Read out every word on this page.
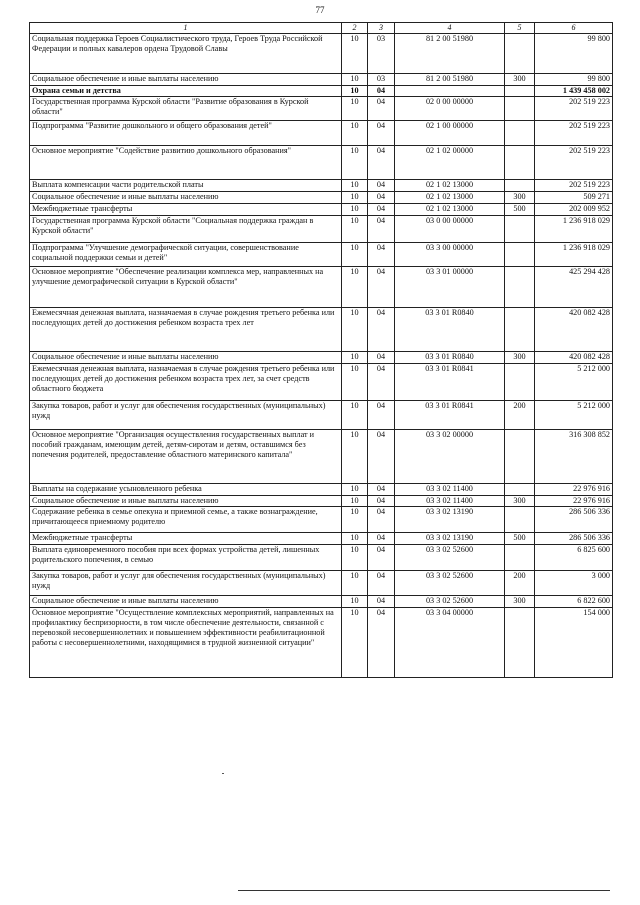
77
1	2	3	4	5	6
Социальная поддержка Героев Социалистического труда, Героев Труда Российской Федерации и полных кавалеров ордена Трудовой Славы	10	03	81 2 00 51980		99 800
Социальное обеспечение и иные выплаты населению	10	03	81 2 00 51980	300	99 800
Охрана семьи и детства	10	04			1 439 458 002
Государственная программа Курской области "Развитие образования в Курской области"	10	04	02 0 00 00000		202 519 223
Подпрограмма "Развитие дошкольного и общего образования детей"	10	04	02 1 00 00000		202 519 223
Основное мероприятие "Содействие развитию дошкольного образования"	10	04	02 1 02 00000		202 519 223
Выплата компенсации части родительской платы	10	04	02 1 02 13000		202 519 223
Социальное обеспечение и иные выплаты населению	10	04	02 1 02 13000	300	509 271
Межбюджетные трансферты	10	04	02 1 02 13000	500	202 009 952
Государственная программа Курской области "Социальная поддержка граждан в Курской области"	10	04	03 0 00 00000		1 236 918 029
Подпрограмма "Улучшение демографической ситуации, совершенствование социальной поддержки семьи и детей"	10	04	03 3 00 00000		1 236 918 029
Основное мероприятие "Обеспечение реализации комплекса мер, направленных на улучшение демографической ситуации в Курской области"	10	04	03 3 01 00000		425 294 428
Ежемесячная денежная выплата, назначаемая в случае рождения третьего ребенка или последующих детей до достижения ребенком возраста трех лет	10	04	03 3 01 R0840		420 082 428
Социальное обеспечение и иные выплаты населению	10	04	03 3 01 R0840	300	420 082 428
Ежемесячная денежная выплата, назначаемая в случае рождения третьего ребенка или последующих детей до достижения ребенком возраста трех лет, за счет средств областного бюджета	10	04	03 3 01 R0841		5 212 000
Закупка товаров, работ и услуг для обеспечения государственных (муниципальных) нужд	10	04	03 3 01 R0841	200	5 212 000
Основное мероприятие "Организация осуществления государственных выплат и пособий гражданам, имеющим детей, детям-сиротам и детям, оставшимся без попечения родителей, предоставление областного материнского капитала"	10	04	03 3 02 00000		316 308 852
Выплаты на содержание усыновленного ребенка	10	04	03 3 02 11400		22 976 916
Социальное обеспечение и иные выплаты населению	10	04	03 3 02 11400	300	22 976 916
Содержание ребенка в семье опекуна и приемной семье, а также вознаграждение, причитающееся приемному родителю	10	04	03 3 02 13190		286 506 336
Межбюджетные трансферты	10	04	03 3 02 13190	500	286 506 336
Выплата единовременного пособия при всех формах устройства детей, лишенных родительского попечения, в семью	10	04	03 3 02 52600		6 825 600
Закупка товаров, работ и услуг для обеспечения государственных (муниципальных) нужд	10	04	03 3 02 52600	200	3 000
Социальное обеспечение и иные выплаты населению	10	04	03 3 02 52600	300	6 822 600
Основное мероприятие "Осуществление комплексных мероприятий, направленных на профилактику беспризорности, в том числе обеспечение деятельности, связанной с перевозкой несовершеннолетних и повышением эффективности реабилитационной работы с несовершеннолетними, находящимися в трудной жизненной ситуации"	10	04	03 3 04 00000		154 000
